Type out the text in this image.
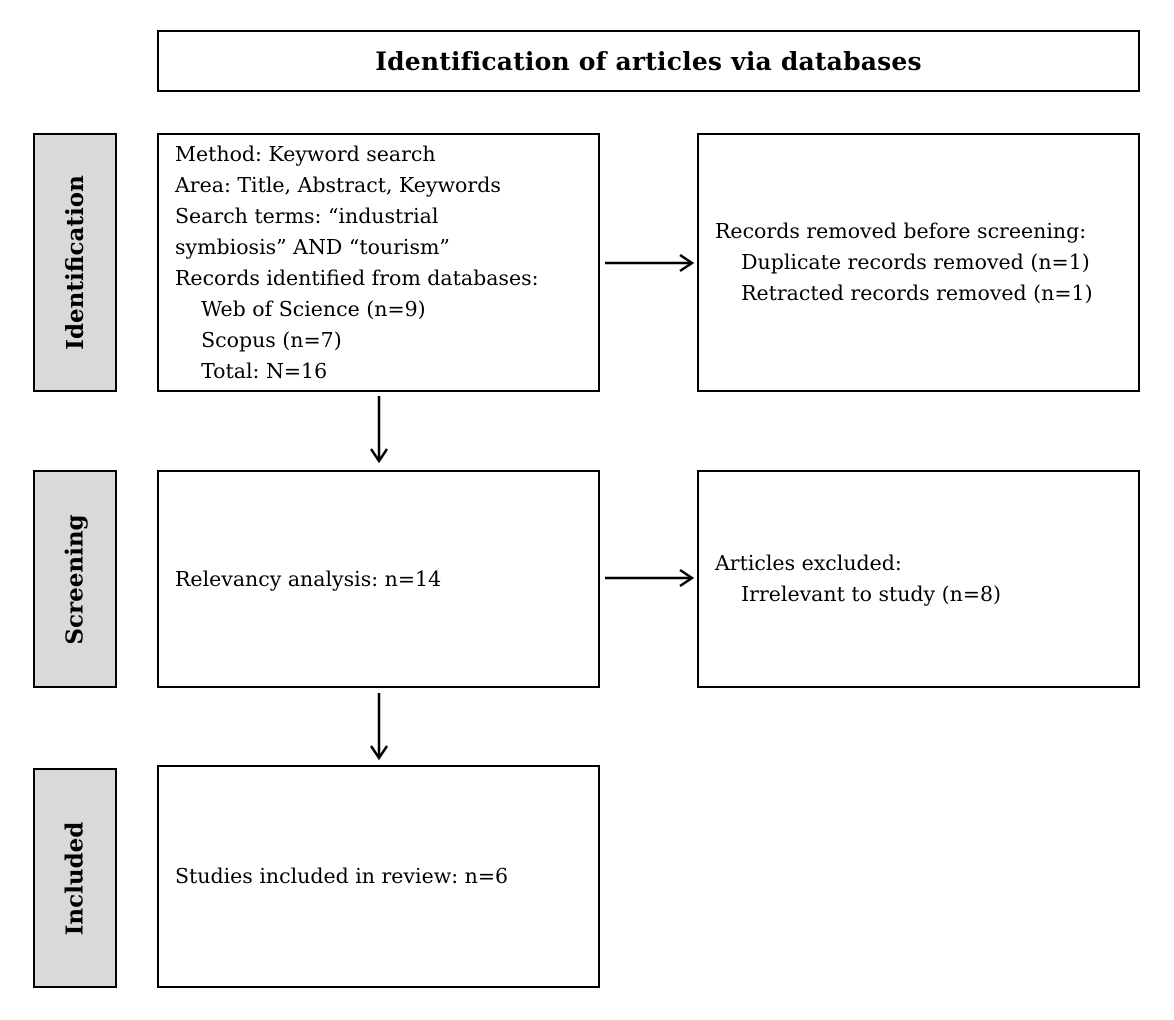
Identification of articles via databases
Identification
Screening
Included
Method: Keyword search
Area: Title, Abstract, Keywords
Search terms: “industrial
symbiosis” AND “tourism”
Records identified from databases:
Web of Science (n=9)
Scopus (n=7)
Total: N=16
Records removed before screening:
Duplicate records removed (n=1)
Retracted records removed (n=1)
Relevancy analysis: n=14
Articles excluded:
Irrelevant to study (n=8)
Studies included in review: n=6
